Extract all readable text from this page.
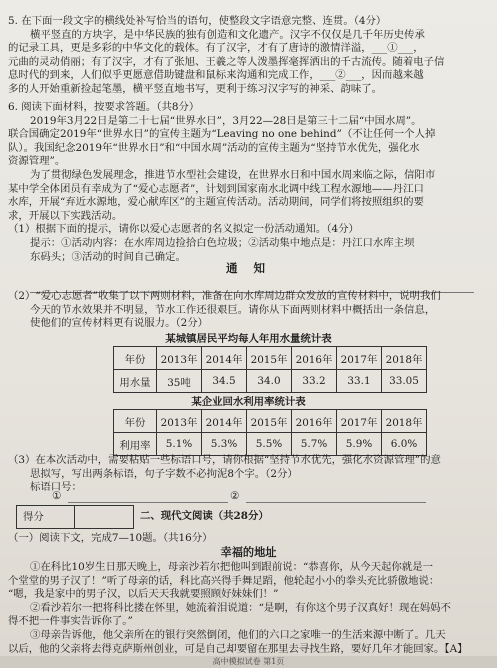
5. 在下面一段文字的横线处补写恰当的语句，使整段文字语意完整、连贯。（4分）

横平竖直的方块字，是中华民族的独有创造和文化遗产。汉字不仅仅是几千年历史传承

的记录工具，更是多彩的中华文化的载体。有了汉字，才有了唐诗的激情洋溢，___①___，

元曲的灵动俏丽；有了汉字，才有了张旭、王羲之等人泼墨挥毫挥洒出的千古流传。随着电子信

息时代的到来，人们似乎更愿意借助键盘和鼠标来沟通和完成工作，___②___，因而越来越

多的人开始重新捡起笔墨，横平竖直地书写，更利于练习汉字写的神采、韵味了。

6. 阅读下面材料，按要求答题。（共8分）

2019年3月22日是第二十七届“世界水日”，3月22—28日是第三十二届“中国水周”。

联合国确定2019年“世界水日”的宣传主题为“Leaving no one behind”（不让任何一个人掉

队）。我国纪念2019年“世界水日”和“中国水周”活动的宣传主题为“坚持节水优先，强化水

资源管理”。

为了贯彻绿色发展理念，推进节水型社会建设，在世界水日和中国水周来临之际，信阳市

某中学全体团员有幸成为了“爱心志愿者”，计划到国家南水北调中线工程水源地——丹江口

水库，开展“弃近水源地，爱心献库区”的主题宣传活动。活动期间，同学们将按照组织的要

求，开展以下实践活动。

（1）根据下面的提示，请你以爱心志愿者的名义拟定一份活动通知。（4分）

提示：①活动内容：在水库周边捡拾白色垃圾；②活动集中地点是：丹江口水库主坝

东码头；③活动的时间自己确定。

通 知

（2）“爱心志愿者”收集了以下两则材料，准备在向水库周边群众发放的宣传材料中，说明我们

今天的节水效果并不明显，节水工作还很艰巨。请你从下面两则材料中概括出一条信息，

使他们的宣传材料更有说服力。（2分）

某城镇居民平均每人年用水量统计表

年份	2013年	2014年	2015年	2016年	2017年	2018年
用水量	35吨	34.5	34.0	33.2	33.1	33.05

某企业回水利用率统计表

年份	2013年	2014年	2015年	2016年	2017年	2018年
利用率	5.1%	5.3%	5.5%	5.7%	5.9%	6.0%

（3）在本次活动中，需要粘贴一些标语口号，请你根据“坚持节水优先，强化水资源管理”的意

思拟写，写出两条标语，句子字数不必拘泥8个字。（2分）

标语口号：

①	②
得分	二、现代文阅读（共28分）

（一）阅读下文，完成7—10题。（共16分）

幸福的地址

①在科比10岁生日那天晚上，母亲沙若尔把他叫到跟前说：“恭喜你，从今天起你就是一

个堂堂的男子汉了！”听了母亲的话，科比高兴得手舞足蹈，他轮起小小的拳头充比骄傲地说：

“嗯，我是家中的男子汉，以后天天我就要照顾好妹妹们！”

②看沙若尔一把将科比搂在怀里，她流着泪说道：“是啊，有你这个男子汉真好！现在妈妈不

得不把一件事实告诉你了。”

③母亲告诉他，他父亲所在的银行突然倒闭，他们的六口之家唯一的生活来源中断了。几天

以后，他的父亲将去得克萨斯州创业，可是自己却要留在那里去寻找生路，要好几年才能回家。【A】

高中模拟试卷 第1页
